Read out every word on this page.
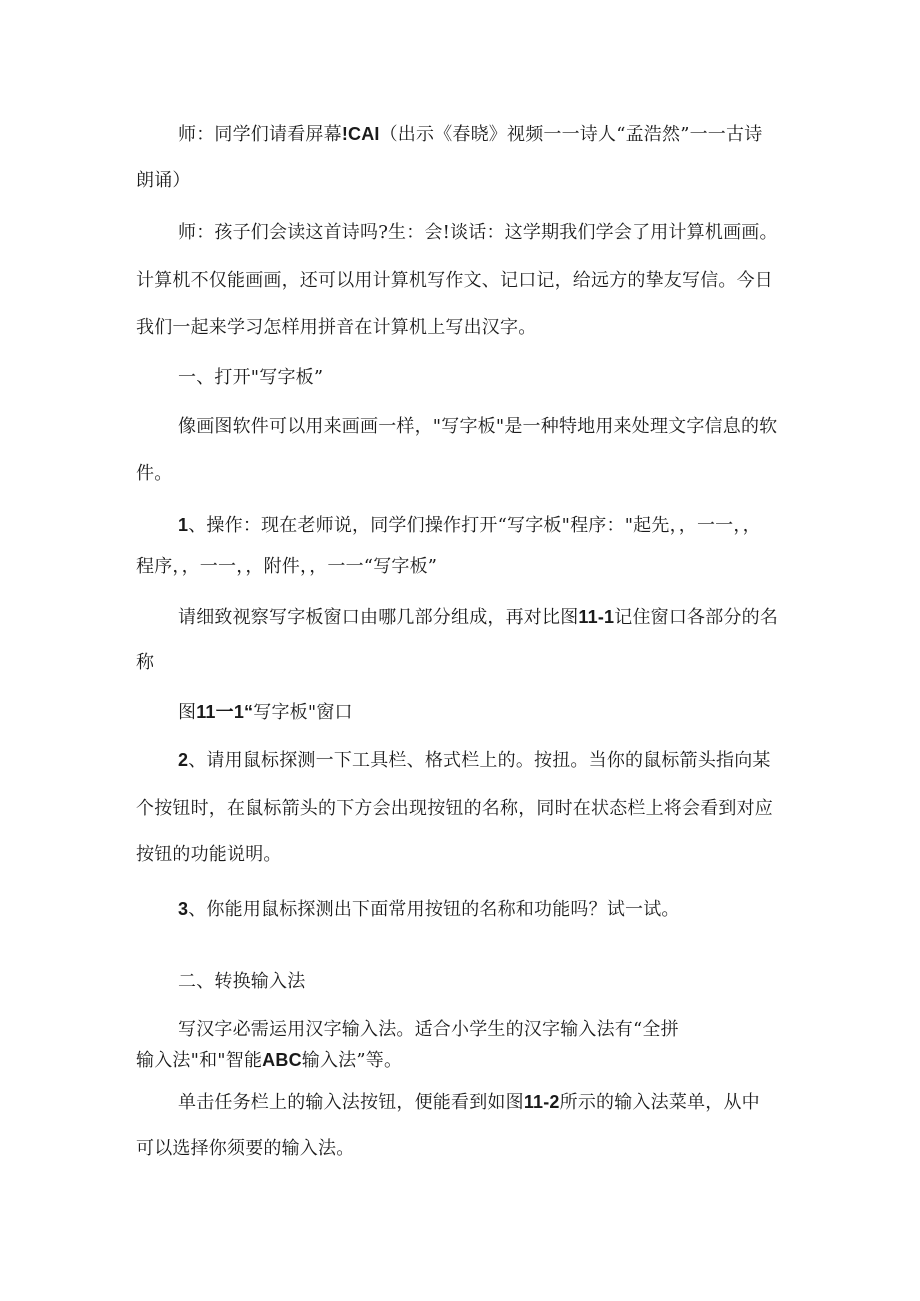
师：同学们请看屏幕!CAI（出示《春晓》视频一一诗人“孟浩然”一一古诗
朗诵）
师：孩子们会读这首诗吗?生：会!谈话：这学期我们学会了用计算机画画。
计算机不仅能画画，还可以用计算机写作文、记口记，给远方的挚友写信。今日
我们一起来学习怎样用拼音在计算机上写出汉字。
一、打开"写字板”
像画图软件可以用来画画一样，"写字板"是一种特地用来处理文字信息的软
件。
1、操作：现在老师说，同学们操作打开“写字板"程序："起先，，一一，，
程序，，一一，，附件，，一一“写字板”
请细致视察写字板窗口由哪几部分组成，再对比图11-1记住窗口各部分的名
称
图11一1“写字板"窗口
2、请用鼠标探测一下工具栏、格式栏上的。按扭。当你的鼠标箭头指向某
个按钮时，在鼠标箭头的下方会出现按钮的名称，同时在状态栏上将会看到对应
按钮的功能说明。
3、你能用鼠标探测出下面常用按钮的名称和功能吗？试一试。
二、转换输入法
写汉字必需运用汉字输入法。适合小学生的汉字输入法有“全拼
输入法"和"智能ABC输入法”等。
单击任务栏上的输入法按钮，便能看到如图11-2所示的输入法菜单，从中
可以选择你须要的输入法。
